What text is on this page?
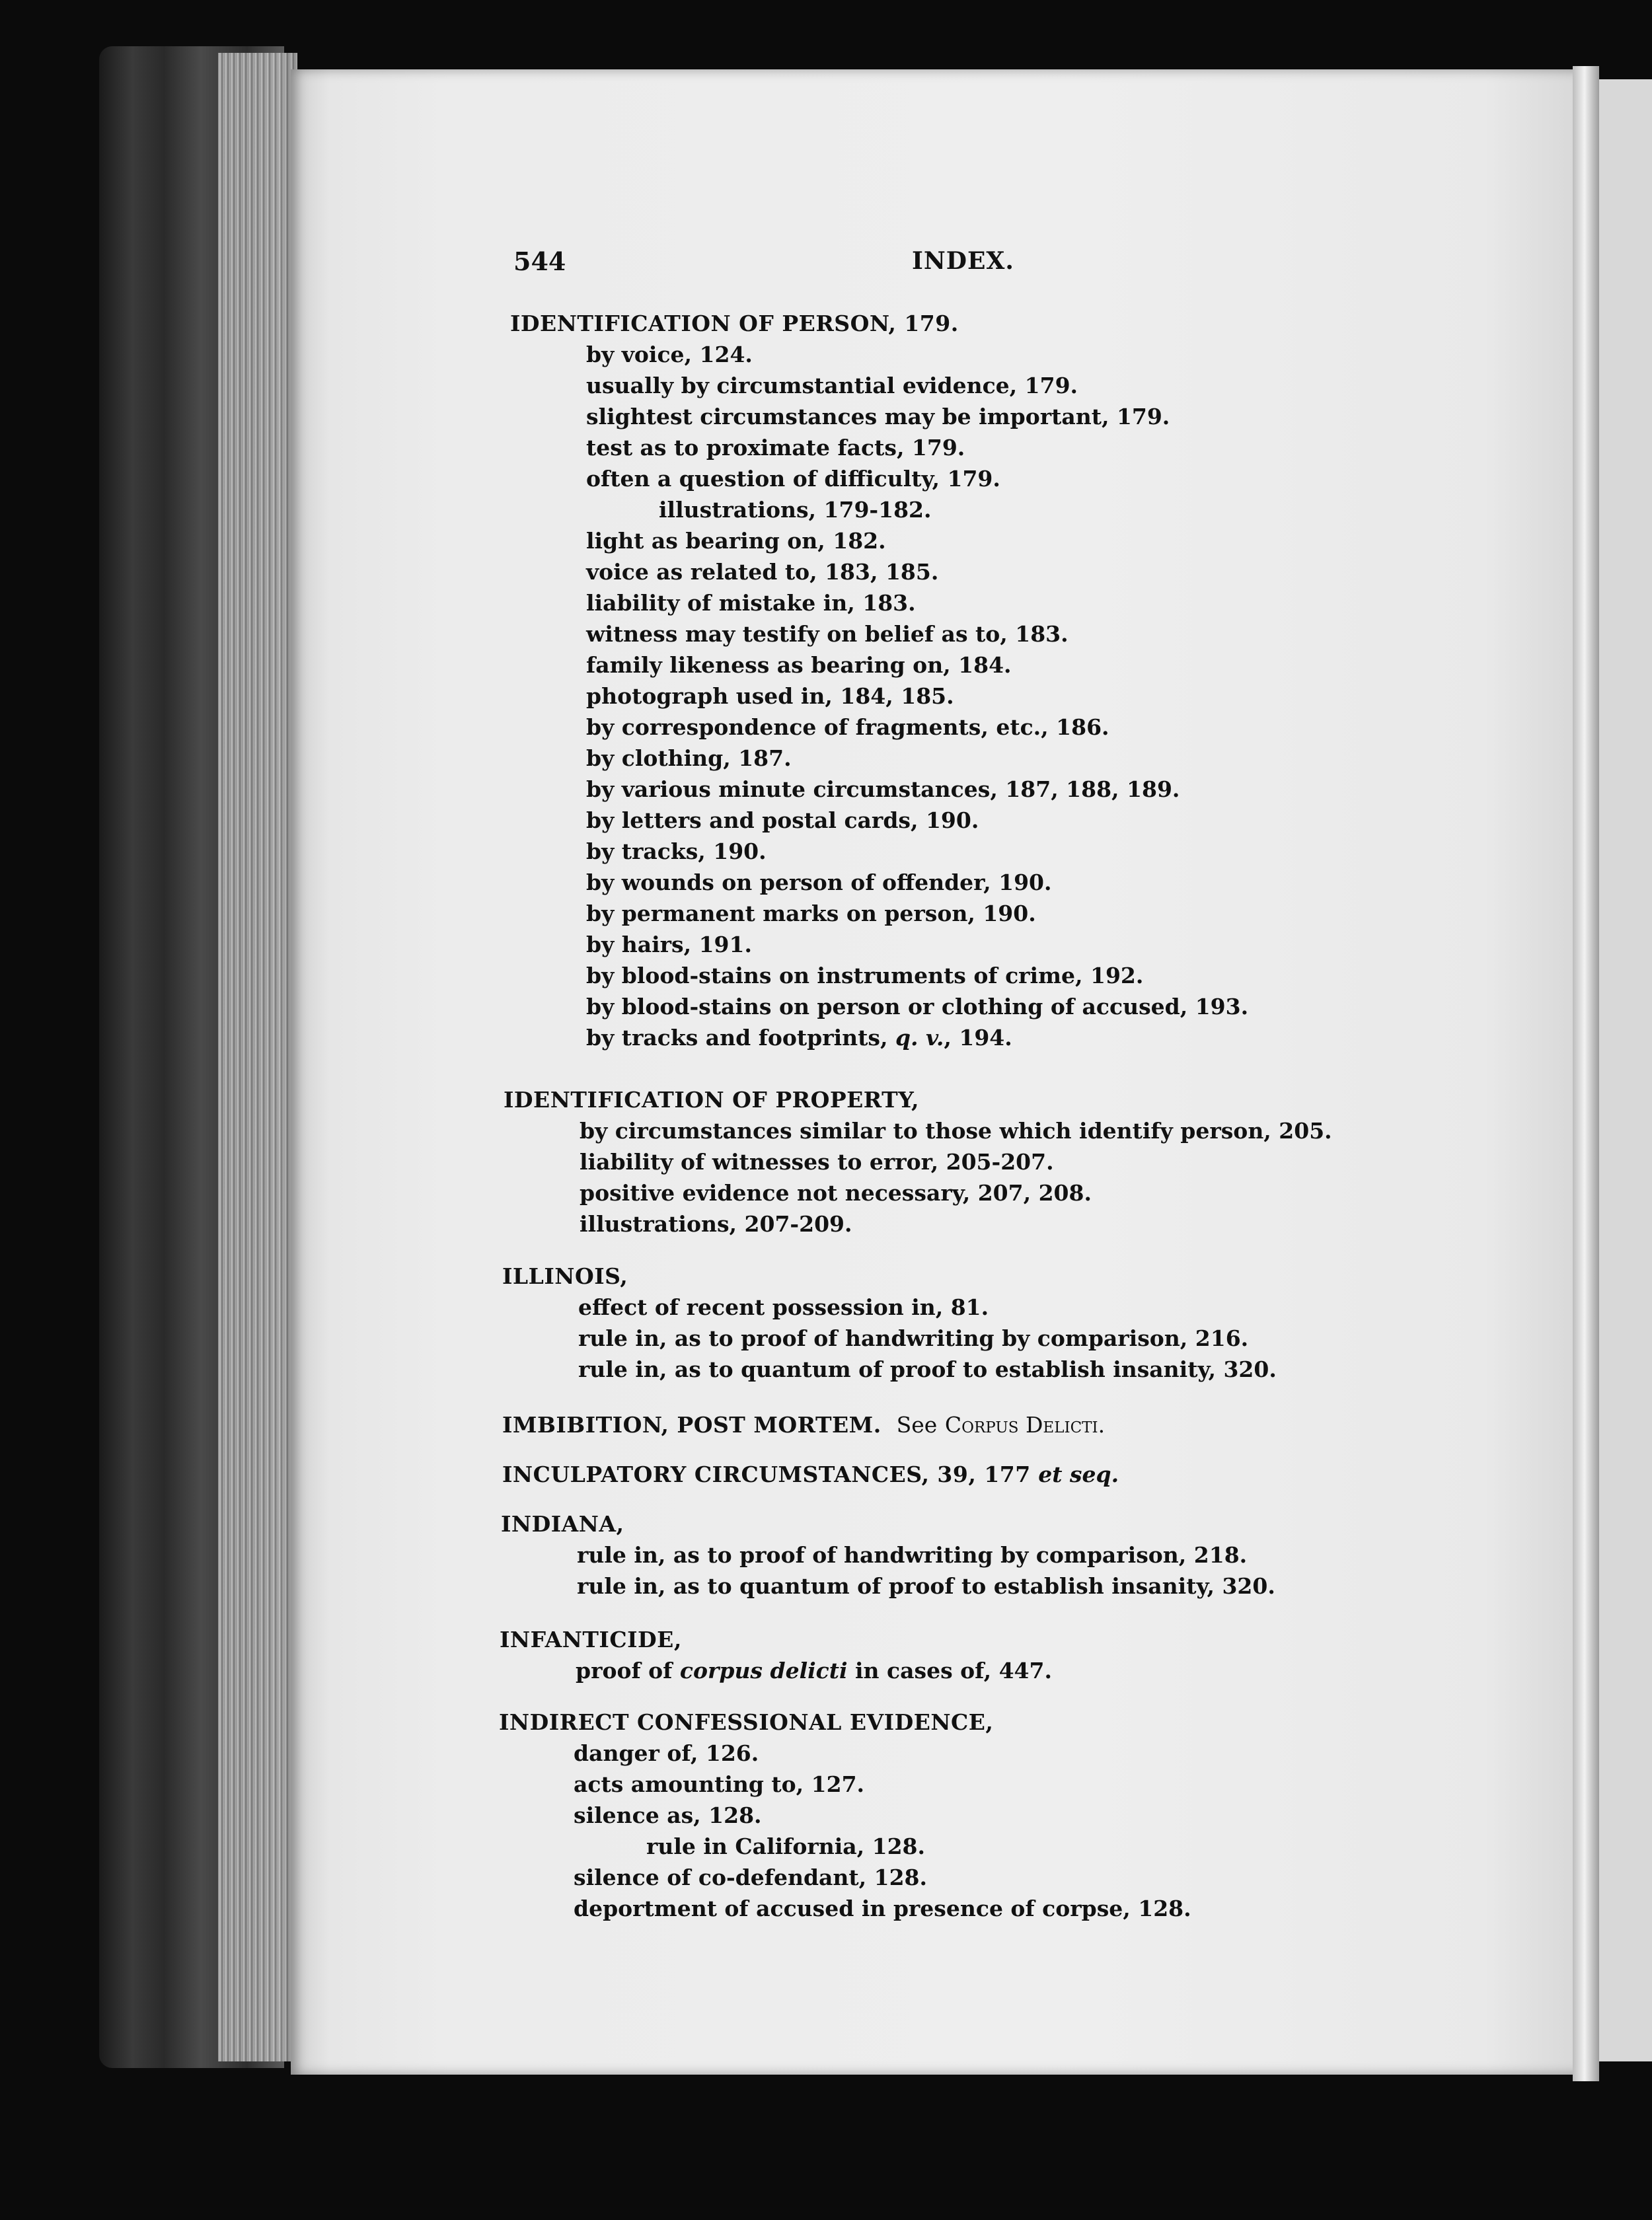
544	INDEX.
IDENTIFICATION OF PERSON, 179.
by voice, 124.
usually by circumstantial evidence, 179.
slightest circumstances may be important, 179.
test as to proximate facts, 179.
often a question of difficulty, 179.
illustrations, 179-182.
light as bearing on, 182.
voice as related to, 183, 185.
liability of mistake in, 183.
witness may testify on belief as to, 183.
family likeness as bearing on, 184.
photograph used in, 184, 185.
by correspondence of fragments, etc., 186.
by clothing, 187.
by various minute circumstances, 187, 188, 189.
by letters and postal cards, 190.
by tracks, 190.
by wounds on person of offender, 190.
by permanent marks on person, 190.
by hairs, 191.
by blood-stains on instruments of crime, 192.
by blood-stains on person or clothing of accused, 193.
by tracks and footprints, q. v., 194.
IDENTIFICATION OF PROPERTY,
by circumstances similar to those which identify person, 205.
liability of witnesses to error, 205-207.
positive evidence not necessary, 207, 208.
illustrations, 207-209.
ILLINOIS,
effect of recent possession in, 81.
rule in, as to proof of handwriting by comparison, 216.
rule in, as to quantum of proof to establish insanity, 320.
IMBIBITION, POST MORTEM. See Corpus Delicti.
INCULPATORY CIRCUMSTANCES, 39, 177 et seq.
INDIANA,
rule in, as to proof of handwriting by comparison, 218.
rule in, as to quantum of proof to establish insanity, 320.
INFANTICIDE,
proof of corpus delicti in cases of, 447.
INDIRECT CONFESSIONAL EVIDENCE,
danger of, 126.
acts amounting to, 127.
silence as, 128.
rule in California, 128.
silence of co-defendant, 128.
deportment of accused in presence of corpse, 128.
